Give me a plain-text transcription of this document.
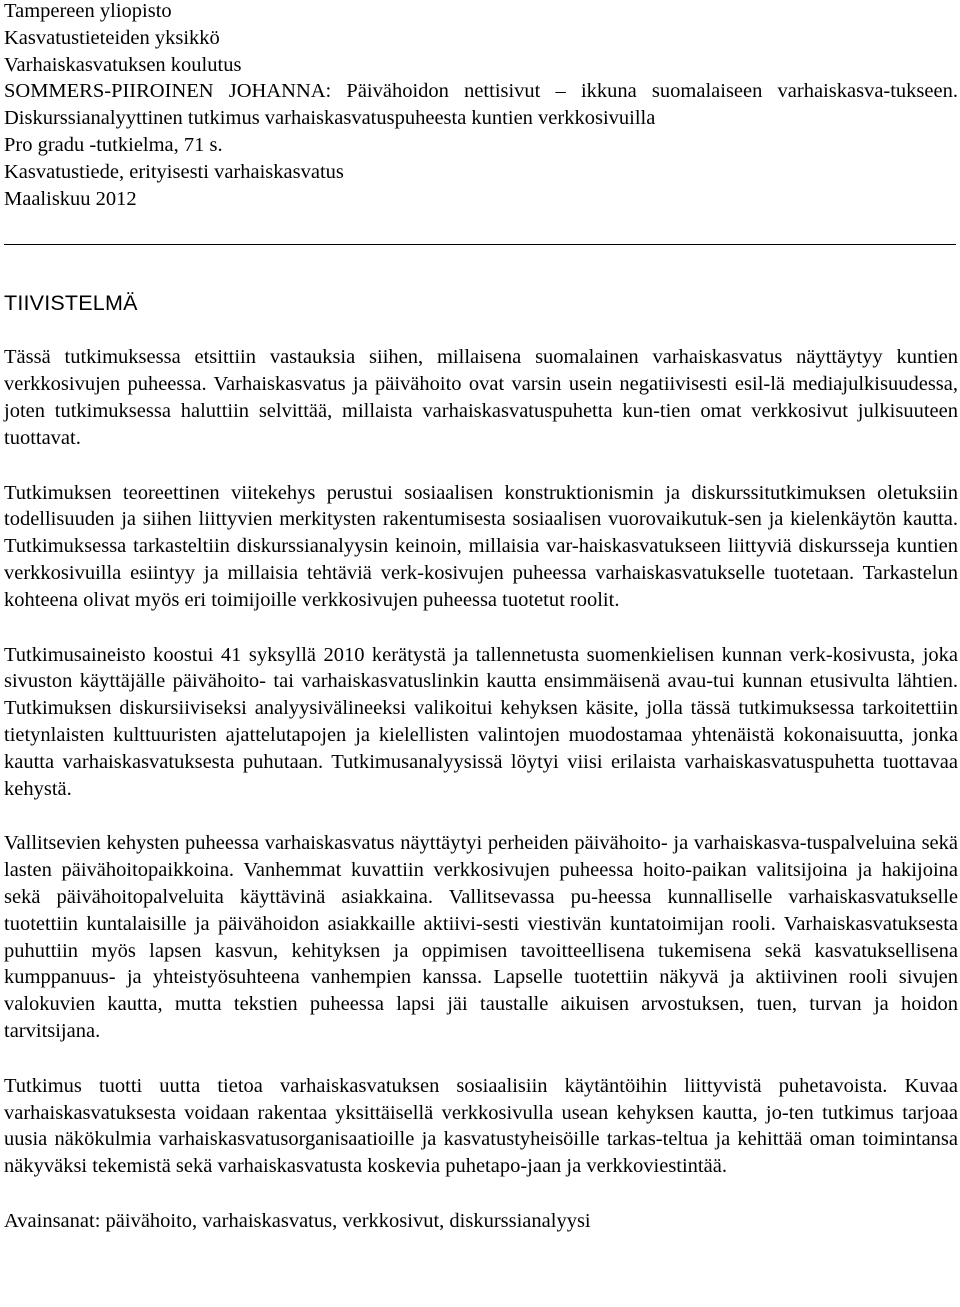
Tampereen yliopisto
Kasvatustieteiden yksikkö
Varhaiskasvatuksen koulutus
SOMMERS-PIIROINEN JOHANNA: Päivähoidon nettisivut – ikkuna suomalaiseen varhaiskasva-tukseen. Diskurssianalyyttinen tutkimus varhaiskasvatuspuheesta kuntien verkkosivuilla
Pro gradu -tutkielma, 71 s.
Kasvatustiede, erityisesti varhaiskasvatus
Maaliskuu 2012
TIIVISTELMÄ

Tässä tutkimuksessa etsittiin vastauksia siihen, millaisena suomalainen varhaiskasvatus näyttäytyy kuntien verkkosivujen puheessa. Varhaiskasvatus ja päivähoito ovat varsin usein negatiivisesti esil-lä mediajulkisuudessa, joten tutkimuksessa haluttiin selvittää, millaista varhaiskasvatuspuhetta kun-tien omat verkkosivut julkisuuteen tuottavat.

Tutkimuksen teoreettinen viitekehys perustui sosiaalisen konstruktionismin ja diskurssitutkimuksen oletuksiin todellisuuden ja siihen liittyvien merkitysten rakentumisesta sosiaalisen vuorovaikutuk-sen ja kielenkäytön kautta. Tutkimuksessa tarkasteltiin diskurssianalyysin keinoin, millaisia var-haiskasvatukseen liittyviä diskursseja kuntien verkkosivuilla esiintyy ja millaisia tehtäviä verk-kosivujen puheessa varhaiskasvatukselle tuotetaan. Tarkastelun kohteena olivat myös eri toimijoille verkkosivujen puheessa tuotetut roolit.

Tutkimusaineisto koostui 41 syksyllä 2010 kerätystä ja tallennetusta suomenkielisen kunnan verk-kosivusta, joka sivuston käyttäjälle päivähoito- tai varhaiskasvatuslinkin kautta ensimmäisenä avau-tui kunnan etusivulta lähtien. Tutkimuksen diskursiiviseksi analyysivälineeksi valikoitui kehyksen käsite, jolla tässä tutkimuksessa tarkoitettiin tietynlaisten kulttuuristen ajattelutapojen ja kielellisten valintojen muodostamaa yhtenäistä kokonaisuutta, jonka kautta varhaiskasvatuksesta puhutaan. Tutkimusanalyysissä löytyi viisi erilaista varhaiskasvatuspuhetta tuottavaa kehystä.

Vallitsevien kehysten puheessa varhaiskasvatus näyttäytyi perheiden päivähoito- ja varhaiskasva-tuspalveluina sekä lasten päivähoitopaikkoina. Vanhemmat kuvattiin verkkosivujen puheessa hoito-paikan valitsijoina ja hakijoina sekä päivähoitopalveluita käyttävinä asiakkaina. Vallitsevassa pu-heessa kunnalliselle varhaiskasvatukselle tuotettiin kuntalaisille ja päivähoidon asiakkaille aktiivi-sesti viestivän kuntatoimijan rooli. Varhaiskasvatuksesta puhuttiin myös lapsen kasvun, kehityksen ja oppimisen tavoitteellisena tukemisena sekä kasvatuksellisena kumppanuus- ja yhteistyösuhteena vanhempien kanssa. Lapselle tuotettiin näkyvä ja aktiivinen rooli sivujen valokuvien kautta, mutta tekstien puheessa lapsi jäi taustalle aikuisen arvostuksen, tuen, turvan ja hoidon tarvitsijana.

Tutkimus tuotti uutta tietoa varhaiskasvatuksen sosiaalisiin käytäntöihin liittyvistä puhetavoista. Kuvaa varhaiskasvatuksesta voidaan rakentaa yksittäisellä verkkosivulla usean kehyksen kautta, jo-ten tutkimus tarjoaa uusia näkökulmia varhaiskasvatusorganisaatioille ja kasvatustyheisöille tarkas-teltua ja kehittää oman toimintansa näkyväksi tekemistä sekä varhaiskasvatusta koskevia puhetapo-jaan ja verkkoviestintää.

Avainsanat: päivähoito, varhaiskasvatus, verkkosivut, diskurssianalyysi
